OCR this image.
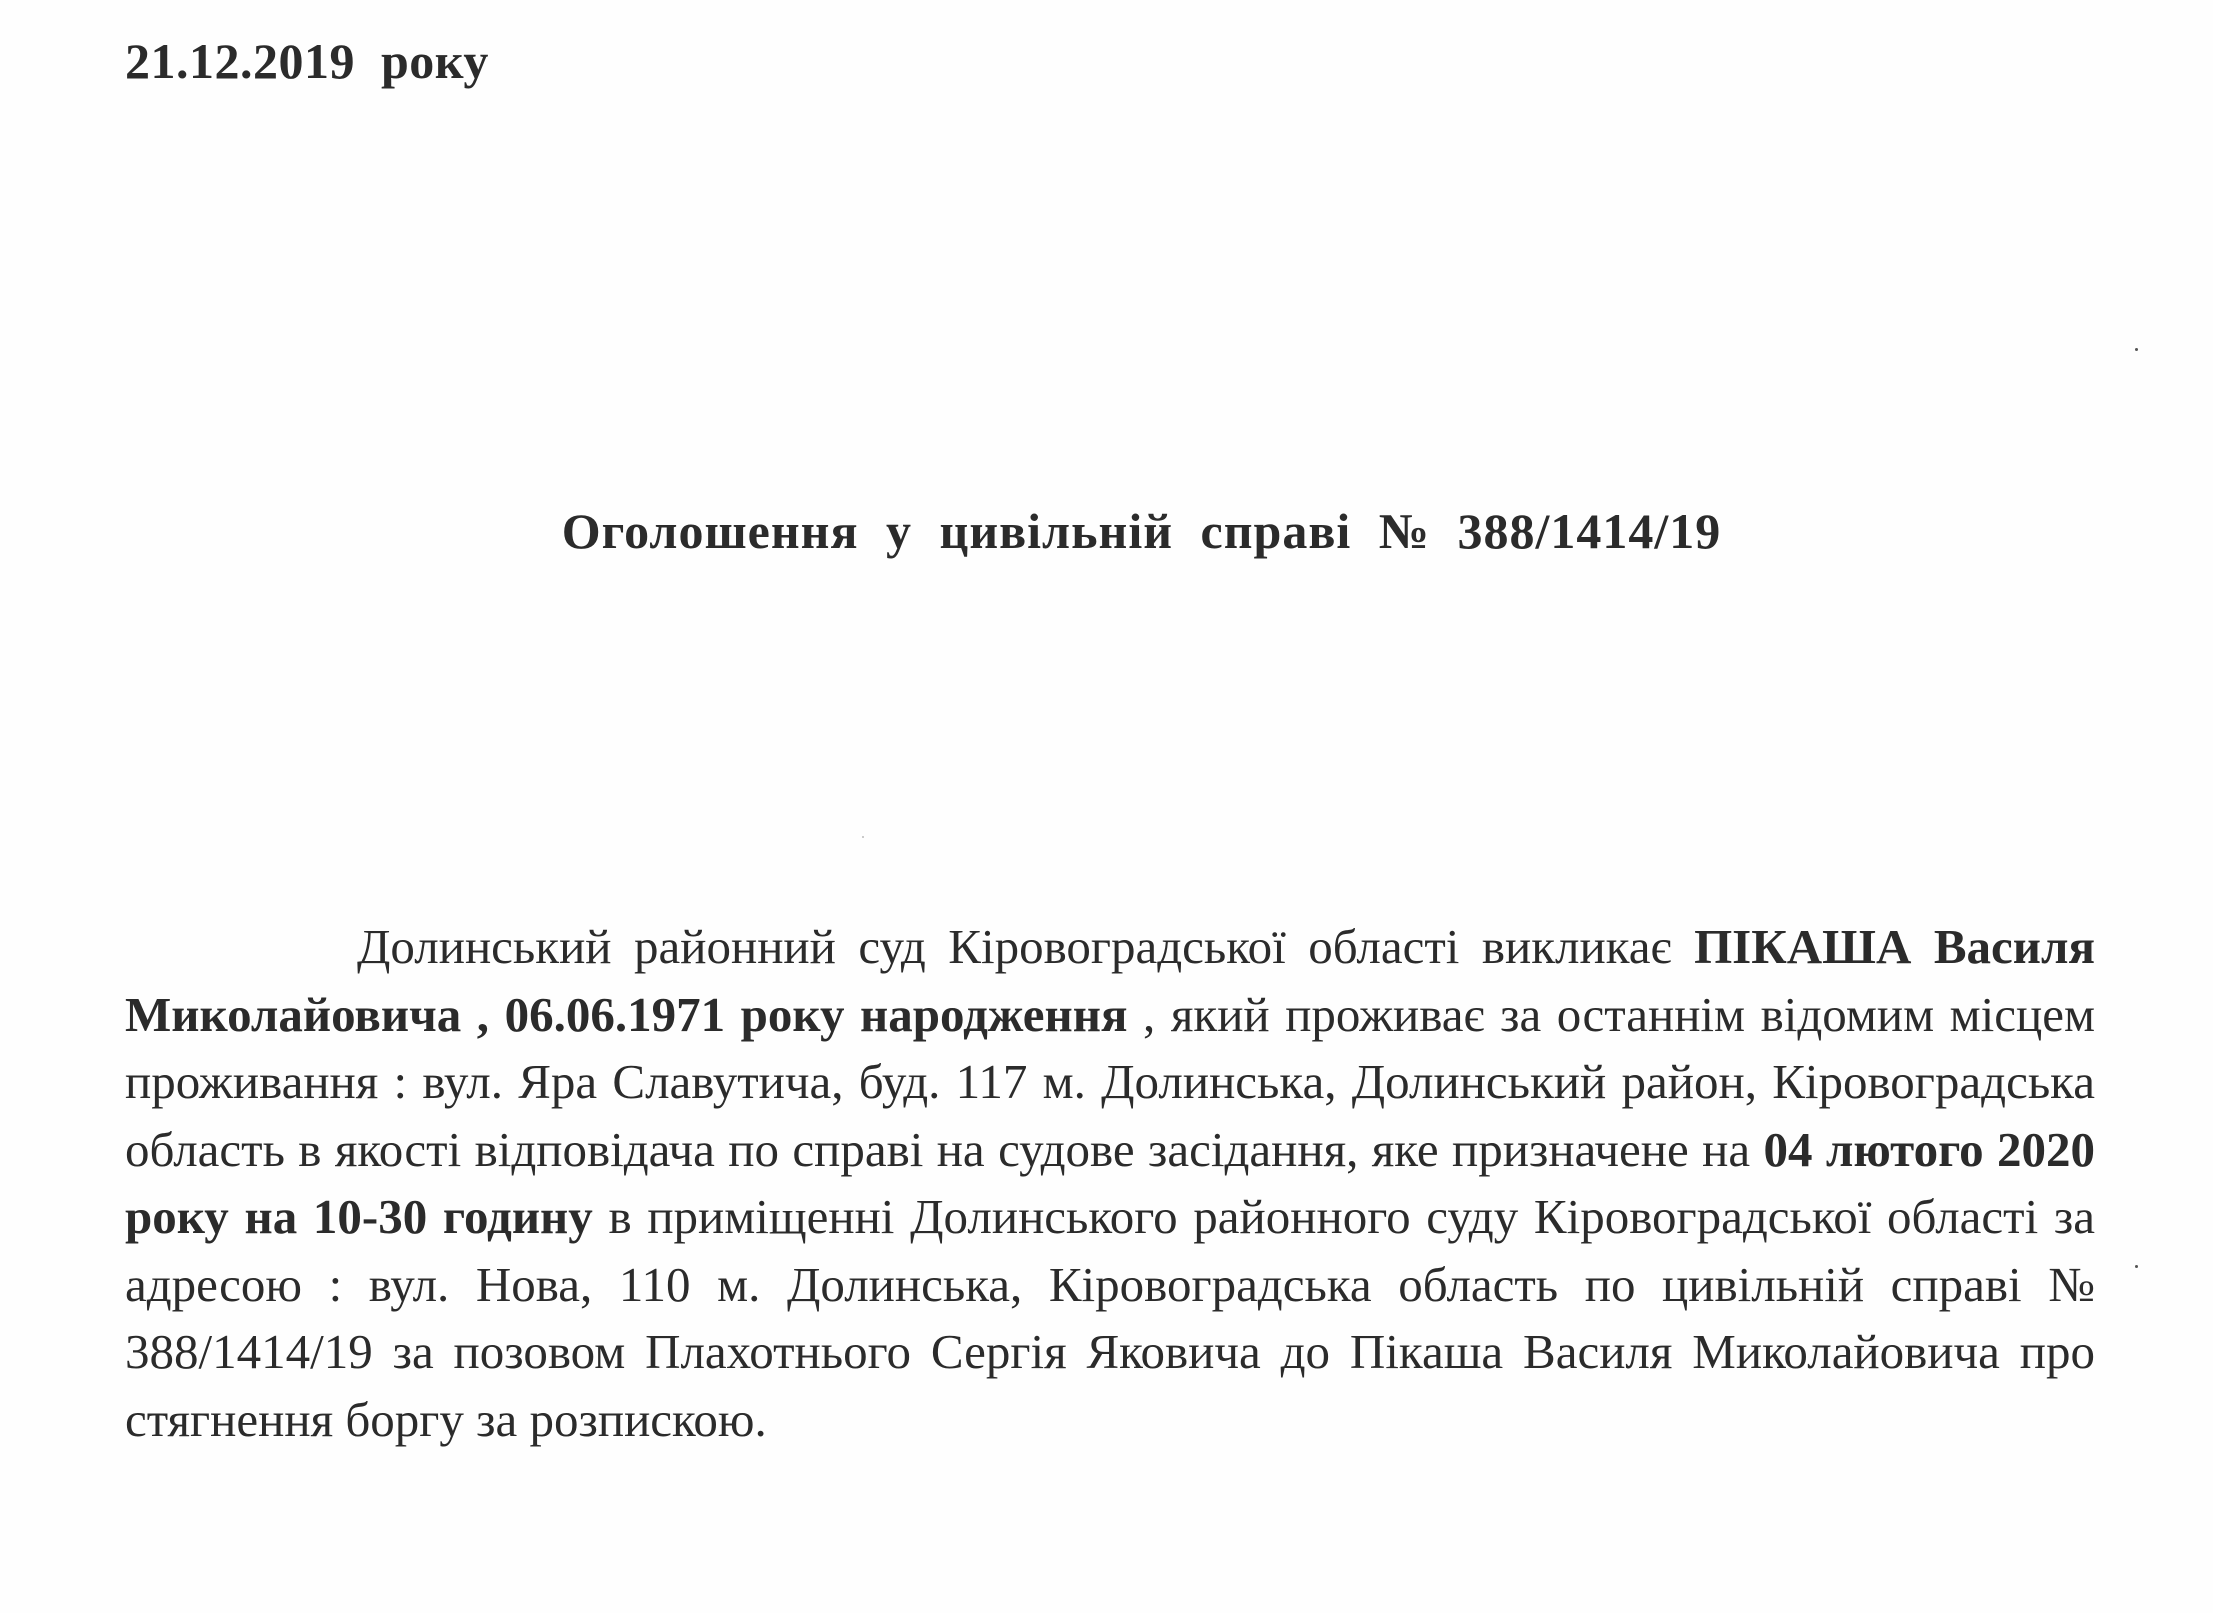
21.12.2019  року
Оголошення у цивільній справі № 388/1414/19
Долинський районний суд Кіровоградської області викликає ПІКАША Василя Миколайовича , 06.06.1971 року народження , який проживає за останнім відомим місцем проживання : вул. Яра Славутича, буд. 117 м. Долинська, Долинський район, Кіровоградська область в якості відповідача по справі на судове засідання, яке призначене на 04 лютого 2020 року на 10-30 годину в приміщенні Долинського районного суду Кіровоградської області за адресою : вул. Нова, 110 м. Долинська, Кіровоградська область по цивільній справі № 388/1414/19 за позовом Плахотнього Сергія Яковича до Пікаша Василя Миколайовича про стягнення боргу за розпискою.
